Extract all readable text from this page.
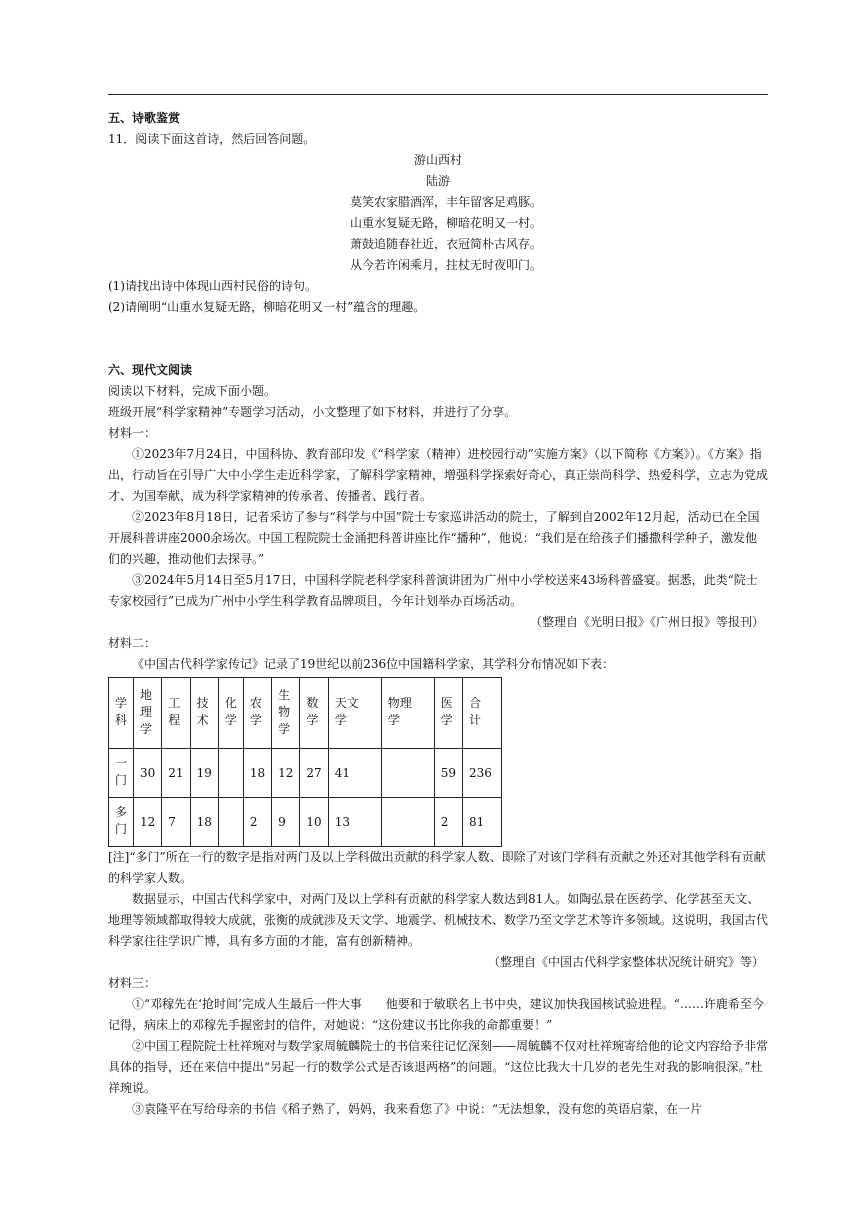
五、诗歌鉴赏

11．阅读下面这首诗，然后回答问题。

游山西村

陆游

莫笑农家腊酒浑，丰年留客足鸡豚。

山重水复疑无路，柳暗花明又一村。

萧鼓追随春社近，衣冠简朴古风存。

从今若许闲乘月，拄杖无时夜叩门。

(1)请找出诗中体现山西村民俗的诗句。

(2)请阐明“山重水复疑无路，柳暗花明又一村”蕴含的理趣。

六、现代文阅读

阅读以下材料，完成下面小题。

班级开展“科学家精神”专题学习活动，小文整理了如下材料，并进行了分享。

材料一：

①2023年7月24日，中国科协、教育部印发《“科学家（精神）进校园行动”实施方案》（以下简称《方案》）。《方案》指出，行动旨在引导广大中小学生走近科学家，了解科学家精神，增强科学探索好奇心，真正崇尚科学、热爱科学，立志为党成才、为国奉献，成为科学家精神的传承者、传播者、践行者。

②2023年8月18日，记者采访了参与“科学与中国”院士专家巡讲活动的院士，了解到自2002年12月起，活动已在全国开展科普讲座2000余场次。中国工程院院士金涌把科普讲座比作“播种”，他说：“我们是在给孩子们播撒科学种子，激发他们的兴趣，推动他们去探寻。”

③2024年5月14日至5月17日，中国科学院老科学家科普演讲团为广州中小学校送来43场科普盛宴。据悉，此类“院士专家校园行”已成为广州中小学生科学教育品牌项目，今年计划举办百场活动。

（整理自《光明日报》《广州日报》等报刊）

材料二：

《中国古代科学家传记》记录了19世纪以前236位中国籍科学家，其学科分布情况如下表：

学科	地理学	工程	技术	化学	农学	生物学	数学	天文学	物理学	医学	合计
一门	30	21	19		18	12	27	41		59	236
多门	12	7	18		2	9	10	13		2	81

[注]“多门”所在一行的数字是指对两门及以上学科做出贡献的科学家人数、即除了对该门学科有贡献之外还对其他学科有贡献的科学家人数。

数据显示，中国古代科学家中，对两门及以上学科有贡献的科学家人数达到81人。如陶弘景在医药学、化学甚至天文、地理等领域都取得较大成就，张衡的成就涉及天文学、地震学、机械技术、数学乃至文学艺术等许多领域。这说明，我国古代科学家往往学识广博，具有多方面的才能，富有创新精神。

（整理自《中国古代科学家整体状况统计研究》等）

材料三：

①“邓稼先在‘抢时间’完成人生最后一件大事　　他要和于敏联名上书中央，建议加快我国核试验进程。“……许鹿希至今记得，病床上的邓稼先手握密封的信件，对她说：“这份建议书比你我的命都重要！”

②中国工程院院士杜祥琬对与数学家周毓麟院士的书信来往记忆深刻——周毓麟不仅对杜祥琬寄给他的论文内容给予非常具体的指导，还在来信中提出“另起一行的数学公式是否该退两格”的问题。“这位比我大十几岁的老先生对我的影响很深。”杜祥琬说。

③袁隆平在写给母亲的书信《稻子熟了，妈妈，我来看您了》中说：“无法想象，没有您的英语启蒙，在一片
